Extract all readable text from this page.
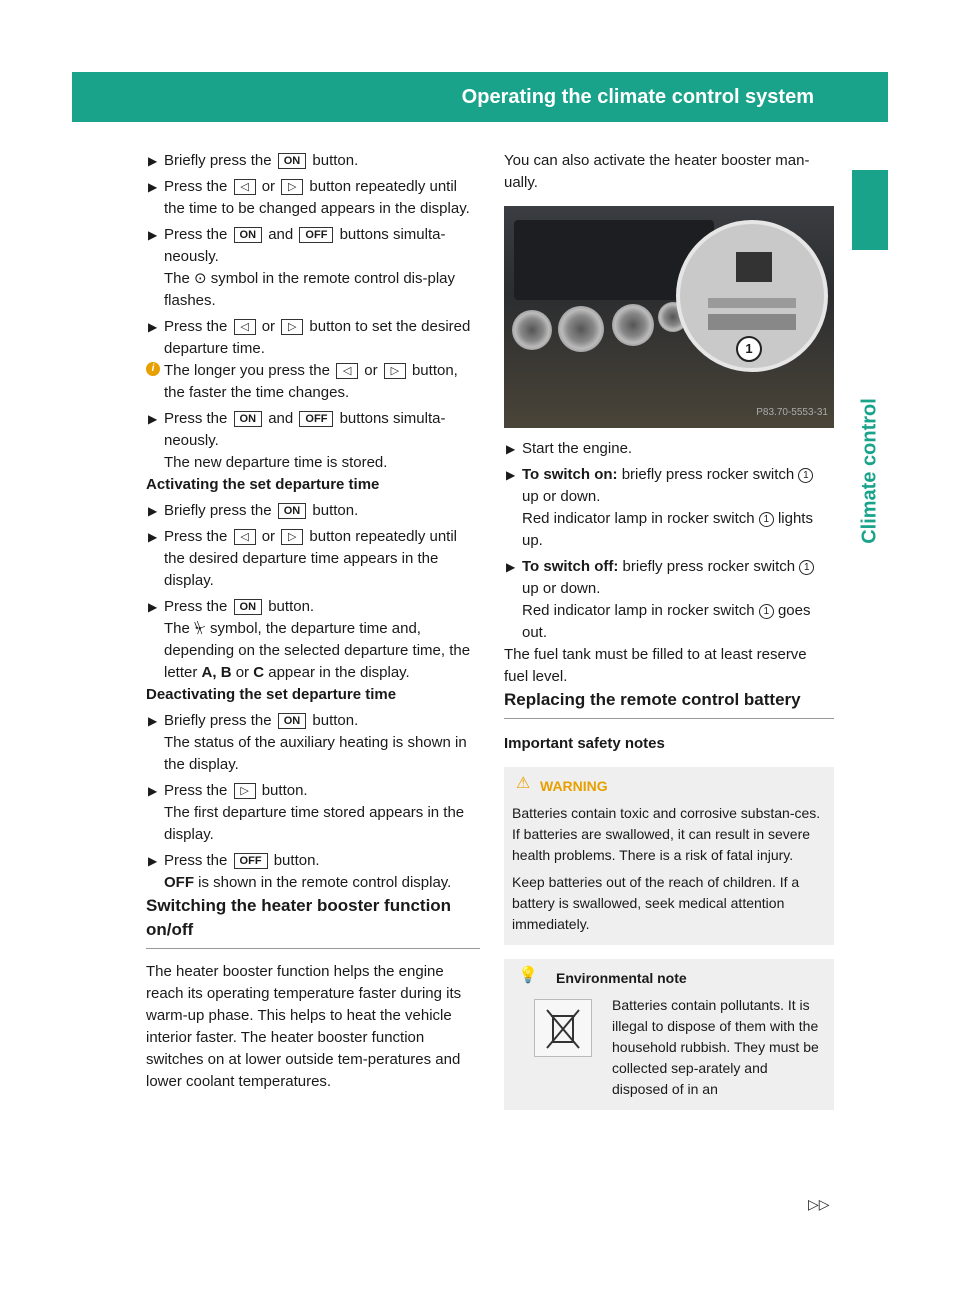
Operating the climate control system	153
Climate control

▶ Briefly press the ON button.

▶ Press the ◁ or ▷ button repeatedly until the time to be changed appears in the display.

▶ Press the ON and OFF buttons simulta-neously.
The ⊙ symbol in the remote control dis-play flashes.

▶ Press the ◁ or ▷ button to set the desired departure time.

i The longer you press the ◁ or ▷ button, the faster the time changes.

▶ Press the ON and OFF buttons simulta-neously.
The new departure time is stored.

Activating the set departure time

▶ Briefly press the ON button.

▶ Press the ◁ or ▷ button repeatedly until the desired departure time appears in the display.

▶ Press the ON button.
The ⏧ symbol, the departure time and, depending on the selected departure time, the letter A, B or C appear in the display.

Deactivating the set departure time

▶ Briefly press the ON button.
The status of the auxiliary heating is shown in the display.

▶ Press the ▷ button.
The first departure time stored appears in the display.

▶ Press the OFF button.
OFF is shown in the remote control display.

Switching the heater booster function on/off

The heater booster function helps the engine reach its operating temperature faster during its warm-up phase. This helps to heat the vehicle interior faster. The heater booster function switches on at lower outside tem-peratures and lower coolant temperatures.

You can also activate the heater booster man-ually.

1
P83.70-5553-31

▶ Start the engine.

▶ To switch on: briefly press rocker switch 1 up or down.
Red indicator lamp in rocker switch 1 lights up.

▶ To switch off: briefly press rocker switch 1 up or down.
Red indicator lamp in rocker switch 1 goes out.

The fuel tank must be filled to at least reserve fuel level.

Replacing the remote control battery

Important safety notes

⚠ WARNING

Batteries contain toxic and corrosive substan-ces. If batteries are swallowed, it can result in severe health problems. There is a risk of fatal injury.

Keep batteries out of the reach of children. If a battery is swallowed, seek medical attention immediately.

💡 Environmental note
Batteries contain pollutants. It is illegal to dispose of them with the household rubbish. They must be collected sep-arately and disposed of in an
▷▷
